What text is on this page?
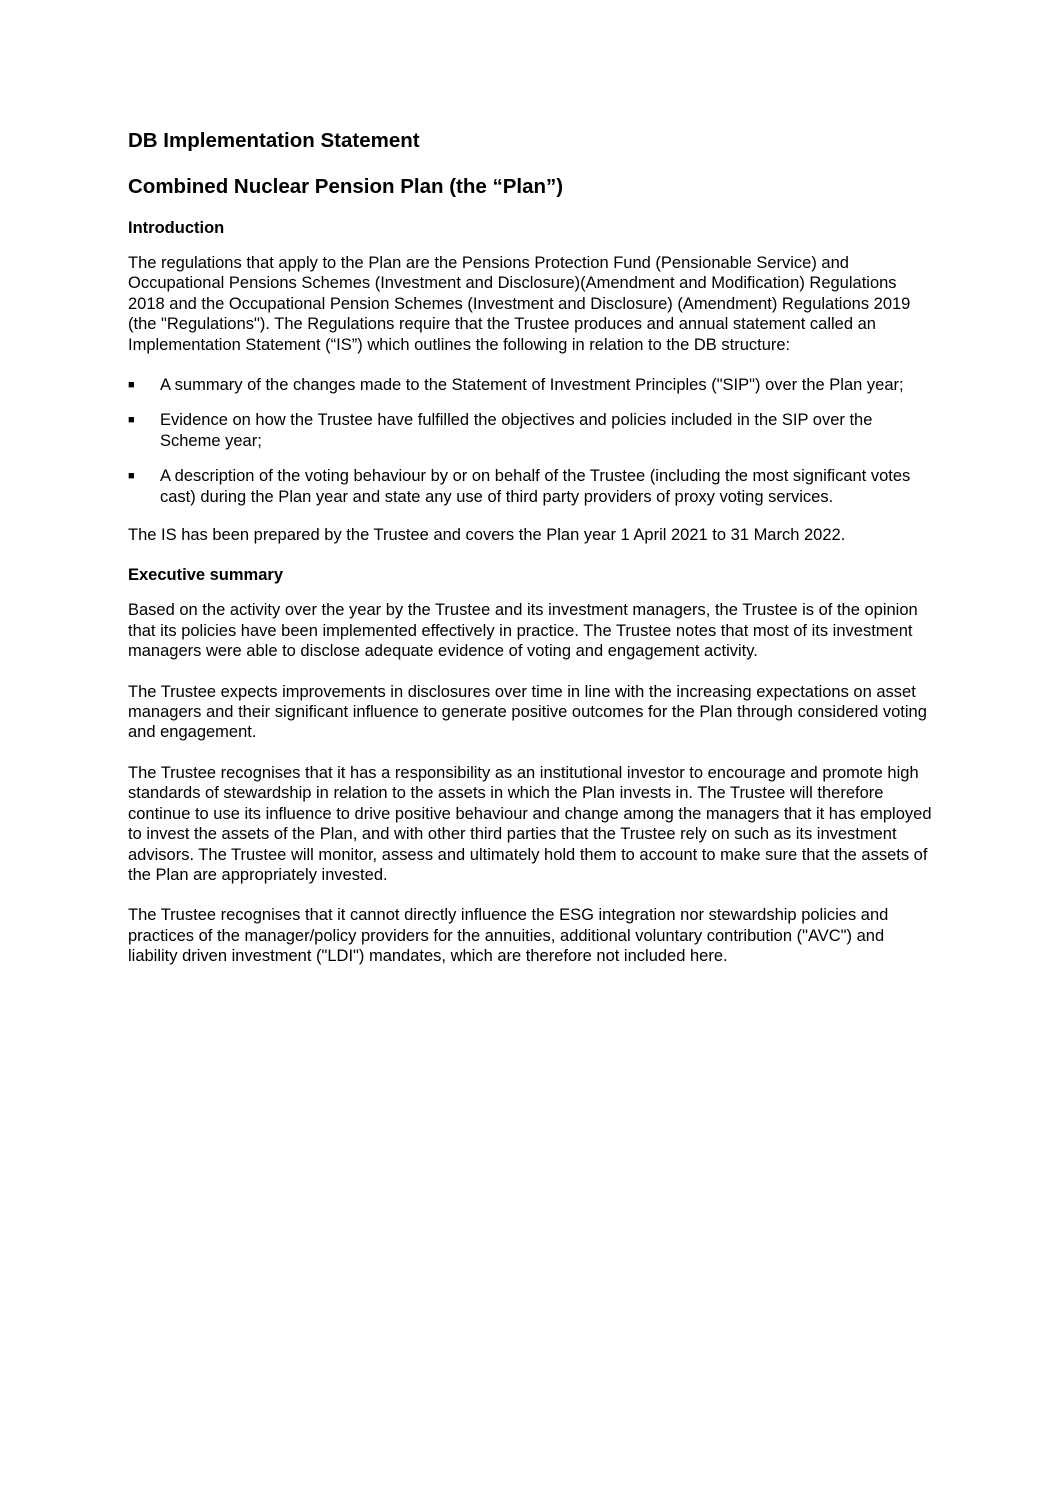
DB Implementation Statement
Combined Nuclear Pension Plan (the “Plan”)
Introduction

The regulations that apply to the Plan are the Pensions Protection Fund (Pensionable Service) and Occupational Pensions Schemes (Investment and Disclosure)(Amendment and Modification) Regulations 2018 and the Occupational Pension Schemes (Investment and Disclosure) (Amendment) Regulations 2019 (the "Regulations"). The Regulations require that the Trustee produces and annual statement called an Implementation Statement (“IS”) which outlines the following in relation to the DB structure:

■ A summary of the changes made to the Statement of Investment Principles ("SIP") over the Plan year;
■ Evidence on how the Trustee have fulfilled the objectives and policies included in the SIP over the Scheme year;
■ A description of the voting behaviour by or on behalf of the Trustee (including the most significant votes cast) during the Plan year and state any use of third party providers of proxy voting services.

The IS has been prepared by the Trustee and covers the Plan year 1 April 2021 to 31 March 2022.

Executive summary

Based on the activity over the year by the Trustee and its investment managers, the Trustee is of the opinion that its policies have been implemented effectively in practice. The Trustee notes that most of its investment managers were able to disclose adequate evidence of voting and engagement activity.

The Trustee expects improvements in disclosures over time in line with the increasing expectations on asset managers and their significant influence to generate positive outcomes for the Plan through considered voting and engagement.

The Trustee recognises that it has a responsibility as an institutional investor to encourage and promote high standards of stewardship in relation to the assets in which the Plan invests in. The Trustee will therefore continue to use its influence to drive positive behaviour and change among the managers that it has employed to invest the assets of the Plan, and with other third parties that the Trustee rely on such as its investment advisors. The Trustee will monitor, assess and ultimately hold them to account to make sure that the assets of the Plan are appropriately invested.

The Trustee recognises that it cannot directly influence the ESG integration nor stewardship policies and practices of the manager/policy providers for the annuities, additional voluntary contribution ("AVC") and liability driven investment ("LDI") mandates, which are therefore not included here.
